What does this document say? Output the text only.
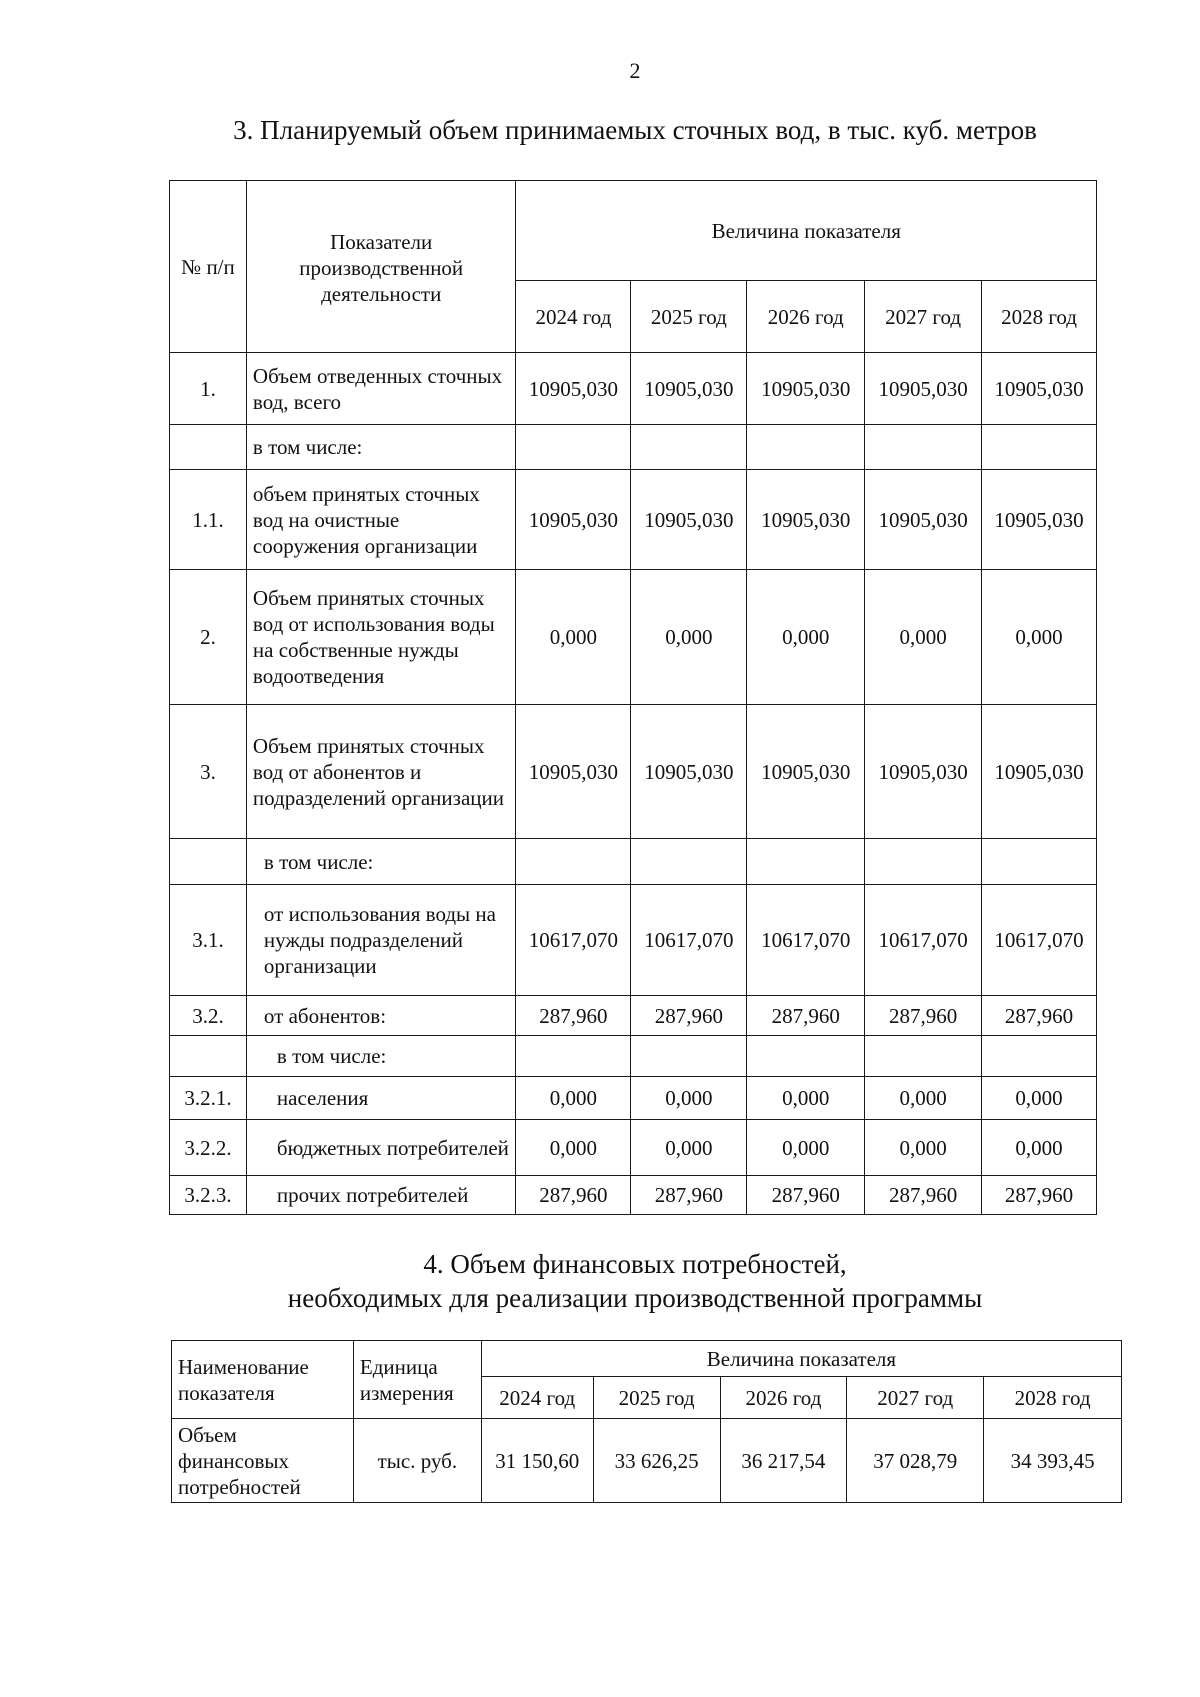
2
3. Планируемый объем принимаемых сточных вод, в тыс. куб. метров
№ п/п	Показатели производственной деятельности	Величина показателя				
		2024 год	2025 год	2026 год	2027 год	2028 год
1.	Объем отведенных сточных вод, всего	10905,030	10905,030	10905,030	10905,030	10905,030
	в том числе:					
1.1.	объем принятых сточных вод на очистные сооружения организации	10905,030	10905,030	10905,030	10905,030	10905,030
2.	Объем принятых сточных вод от использования воды на собственные нужды водоотведения	0,000	0,000	0,000	0,000	0,000
3.	Объем принятых сточных вод от абонентов и подразделений организации	10905,030	10905,030	10905,030	10905,030	10905,030
	в том числе:					
3.1.	от использования воды на нужды подразделений организации	10617,070	10617,070	10617,070	10617,070	10617,070
3.2.	от абонентов:	287,960	287,960	287,960	287,960	287,960
	в том числе:					
3.2.1.	населения	0,000	0,000	0,000	0,000	0,000
3.2.2.	бюджетных потребителей	0,000	0,000	0,000	0,000	0,000
3.2.3.	прочих потребителей	287,960	287,960	287,960	287,960	287,960
4. Объем финансовых потребностей,
необходимых для реализации производственной программы
Наименование показателя	Единица измерения	Величина показателя				
		2024 год	2025 год	2026 год	2027 год	2028 год
Объем финансовых потребностей	тыс. руб.	31 150,60	33 626,25	36 217,54	37 028,79	34 393,45
